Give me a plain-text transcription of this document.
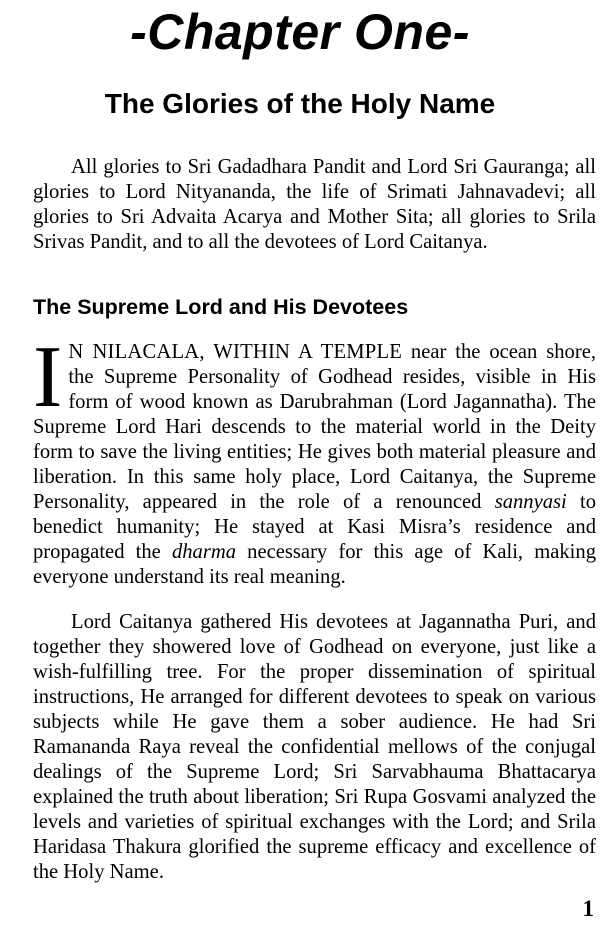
-Chapter One-
The Glories of the Holy Name

All glories to Sri Gadadhara Pandit and Lord Sri Gauranga; all glories to Lord Nityananda, the life of Srimati Jahnavadevi; all glories to Sri Advaita Acarya and Mother Sita; all glories to Srila Srivas Pandit, and to all the devotees of Lord Caitanya.

The Supreme Lord and His Devotees

I N NILACALA, WITHIN A TEMPLE near the ocean shore, the Supreme Personality of Godhead resides, visible in His form of wood known as Darubrahman (Lord Jagannatha). The Supreme Lord Hari descends to the material world in the Deity form to save the living entities; He gives both material pleasure and liberation. In this same holy place, Lord Caitanya, the Supreme Personality, appeared in the role of a renounced sannyasi to benedict humanity; He stayed at Kasi Misra’s residence and propagated the dharma necessary for this age of Kali, making everyone understand its real meaning.

Lord Caitanya gathered His devotees at Jagannatha Puri, and together they showered love of Godhead on everyone, just like a wish-fulfilling tree. For the proper dissemination of spiritual instructions, He arranged for different devotees to speak on various subjects while He gave them a sober audience. He had Sri Ramananda Raya reveal the confidential mellows of the conjugal dealings of the Supreme Lord; Sri Sarvabhauma Bhattacarya explained the truth about liberation; Sri Rupa Gosvami analyzed the levels and varieties of spiritual exchanges with the Lord; and Srila Haridasa Thakura glorified the supreme efficacy and excellence of the Holy Name.

1
